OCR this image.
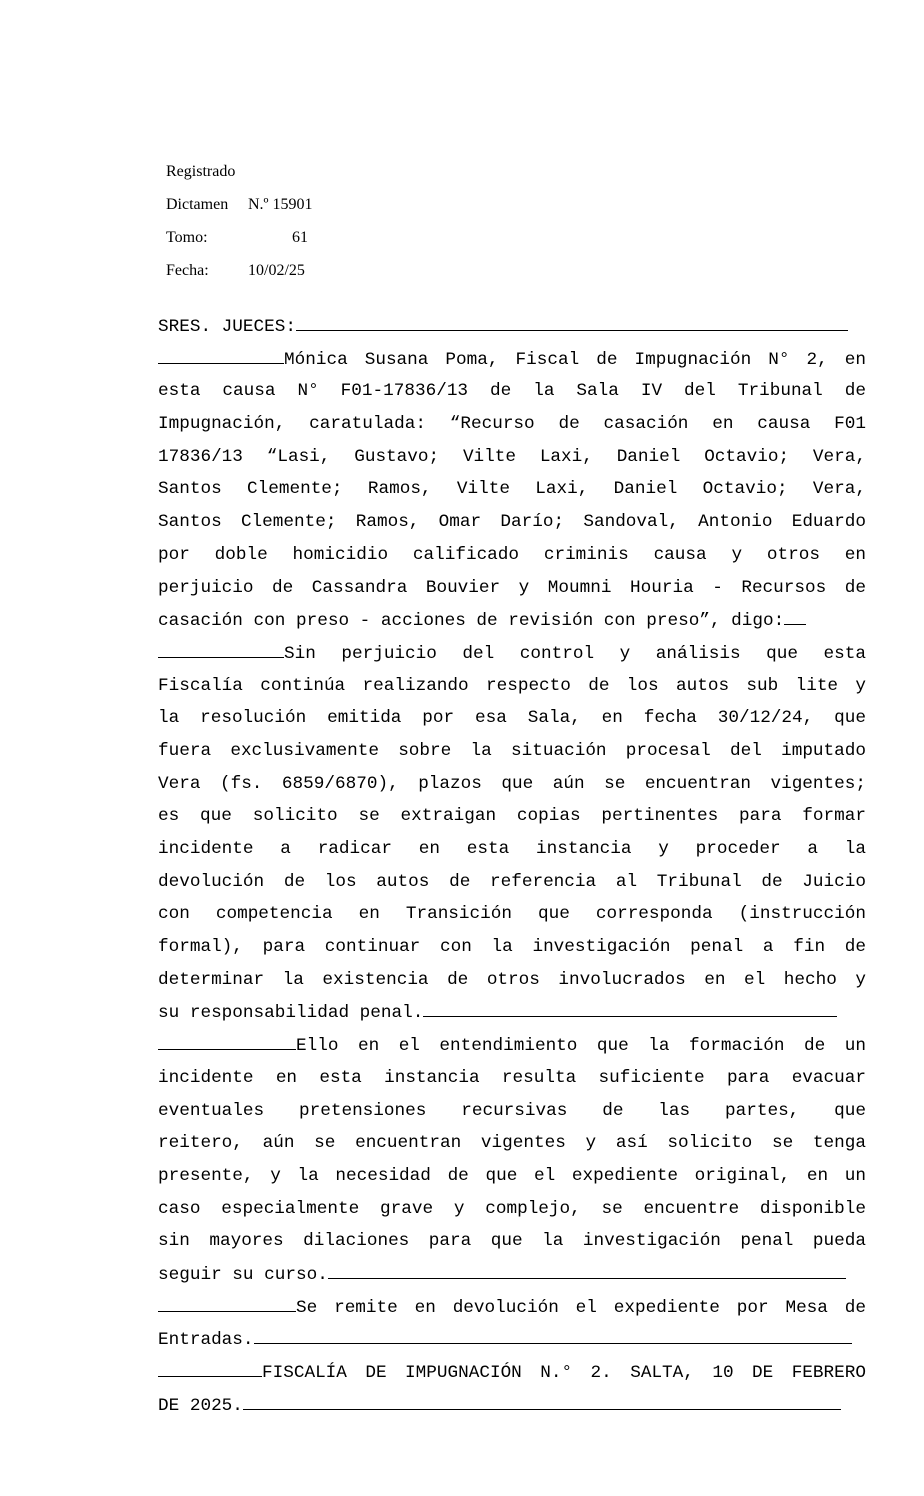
Registrado
Dictamen N.º 15901
Tomo:	61
Fecha: 10/02/25
SRES. JUECES:
Mónica Susana Poma, Fiscal de Impugnación N° 2, en
esta causa N° F01-17836/13 de la Sala IV del Tribunal de
Impugnación, caratulada: “Recurso de casación en causa F01
17836/13 “Lasi, Gustavo; Vilte Laxi, Daniel Octavio; Vera,
Santos Clemente; Ramos, Vilte Laxi, Daniel Octavio; Vera,
Santos Clemente; Ramos, Omar Darío; Sandoval, Antonio Eduardo
por doble homicidio calificado criminis causa y otros en
perjuicio de Cassandra Bouvier y Moumni Houria - Recursos de
casación con preso - acciones de revisión con preso”, digo:
Sin perjuicio del control y análisis que esta
Fiscalía continúa realizando respecto de los autos sub lite y
la resolución emitida por esa Sala, en fecha 30/12/24, que
fuera exclusivamente sobre la situación procesal del imputado
Vera (fs. 6859/6870), plazos que aún se encuentran vigentes;
es que solicito se extraigan copias pertinentes para formar
incidente a radicar en esta instancia y proceder a la
devolución de los autos de referencia al Tribunal de Juicio
con competencia en Transición que corresponda (instrucción
formal), para continuar con la investigación penal a fin de
determinar la existencia de otros involucrados en el hecho y
su responsabilidad penal.
Ello en el entendimiento que la formación de un
incidente en esta instancia resulta suficiente para evacuar
eventuales pretensiones recursivas de las partes, que
reitero, aún se encuentran vigentes y así solicito se tenga
presente, y la necesidad de que el expediente original, en un
caso especialmente grave y complejo, se encuentre disponible
sin mayores dilaciones para que la investigación penal pueda
seguir su curso.
Se remite en devolución el expediente por Mesa de
Entradas.
FISCALÍA DE IMPUGNACIÓN N.° 2. SALTA, 10 DE FEBRERO
DE 2025.
